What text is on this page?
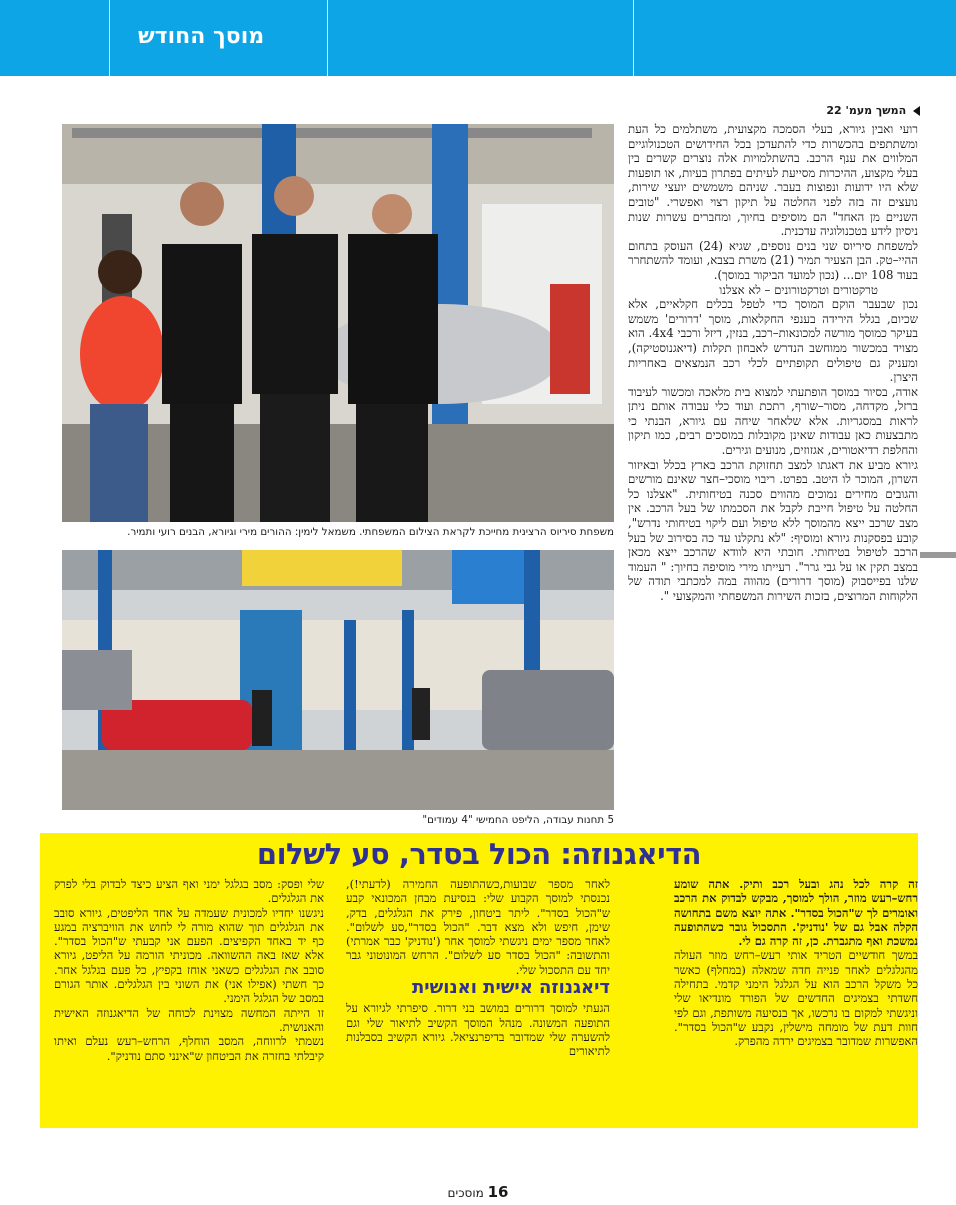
מוסך החודש
המשך מעמ' 22

רועי ואבין גיורא, בעלי הסמכה מקצועית, משתלמים כל העת ומשתתפים בהכשרות כדי להתעדכן בכל החידושים הטכנולוגיים המלווים את ענף הרכב. בהשתלמויות אלה נוצרים קשרים בין בעלי מקצוע, ההיכרות מסייעת לעיתים בפתרון בעיות, או תופעות שלא היו ידועות ונפוצות בעבר. שניהם משמשים יועצי שירות, נועצים זה בזה לפני החלטה על תיקון רצוי ואפשרי. "טובים השניים מן האחד" הם מוסיפים בחיוך, ומחברים עשרות שנות ניסיון לידע בטכנולוגיה עדכנית.

למשפחת סיריוס שני בנים נוספים, שגיא (24) העוסק בתחום ההיי–טק. הבן הצעיר תמיר (21) משרת בצבא, ועומד להשתחרר בעוד 108 יום... (נכון למועד הביקור במוסך).

טרקטורים וטרקטורונים – לא אצלנו

נכון שבעבר הוקם המוסך כדי לטפל בכלים חקלאיים, אלא שכיום, בגלל הירידה בענפי החקלאות, מוסך 'דרורים' משמש בעיקר כמוסך מורשה למכונאות–רכב, בנזין, דיזל ורכבי 4x4. הוא מצויד במכשור ממוחשב הנדרש לאבחון תקלות (דיאגנוסטיקה), ומעניק גם טיפולים תקופתיים לכלי רכב הנמצאים באחריות היצרן.

אודה, בסיור במוסך הופתעתי למצוא בית מלאכה ומכשור לעיבוד ברזל, מקדחה, מסור–שורף, רתכת ועוד כלי עבודה אותם ניתן לראות במסגריות. אלא שלאחר שיחה עם גיורא, הבנתי כי מתבצעות כאן עבודות שאינן מקובלות במוסכים רבים, כמו תיקון והחלפת רדיאטורים, אגזוזים, מנועים וגירים.

גיורא מביע את דאגתו למצב תחזוקת הרכב בארץ בכלל ובאיזור השרון, המוכר לו היטב. בפרט. ריבוי מוסכי–חצר שאינם מורשים והגובים מחירים נמוכים מהווים סכנה בטיחותית. "אצלנו כל החלטה על טיפול חייבת לקבל את הסכמתו של בעל הרכב. אין מצב שרכב ייצא מהמוסך ללא טיפול ועם ליקוי בטיחותי נדרש", קובע בפסקנות גיורא ומוסיף: "לא נתקלנו עד כה בסירוב של בעל הרכב לטיפול בטיחותי. חובתי היא לוודא שהרכב ייצא מכאן במצב תקין או על גבי גרר". רעייתו מירי מוסיפה בחיוך: " העמוד שלנו בפייסבוק (מוסך דרורים) מהווה במה למכתבי תודה של הלקוחות המרוצים, בזכות השירות המשפחתי והמקצועי ".

משפחת סיריוס הרצינית מחייכת לקראת הצילום המשפחתי. משמאל לימין: ההורים מירי וגיורא, הבנים רועי ותמיר.
5 תחנות עבודה, הליפט החמישי "4 עמודים"
הדיאגנוזה: הכול בסדר, סע לשלום

זה קרה לכל נהג ובעל רכב ותיק. אתה שומע רחש–רעש מוזר, הולך למוסך, מבקש לבדוק את הרכב ואומרים לך ש"הכול בסדר". אתה יוצא משם בתחושה הקלה אבל גם של 'נודניק'. התסכול גובר כשהתופעה נמשכת ואף מתגברת. כן, זה קרה גם לי.

במשך חודשיים הטריד אותי רעש–רחש מוזר העולה מהגלגלים לאחר פנייה חדה שמאלה (במחלף) כאשר כל משקל הרכב הוא על הגלגל הימני קדמי. בתחילה חשדתי בצמיגים החדשים של הפורד מונדיאו שלי וניגשתי למקום בו נרכשו, אך בנסיעה משותפת, וגם לפי חוות דעת של מומחה מישלין, נקבע ש"הכול בסדר". האפשרות שמדובר בצמיגים ירדה מהפרק.

לאחר מספר שבועות,כשהתופעה החמירה (לדעתי!), נכנסתי למוסך הקבוע שלי: בנסיעת מבחן המכונאי קבע ש"הכול בסדר". ליתר ביטחון, פירק את הגלגלים, בדק, שימן, חיפש ולא מצא דבר. "הכול בסדר",סע לשלום". לאחר מספר ימים ניגשתי למוסך אחר ('נודניק' כבר אמרתי) והתשובה: "הכול בסדר סע לשלום". הרחש המונוטוני גבר יחד עם התסכול שלי.

דיאגנוזה אישית ואנושית

הגעתי למוסך דרורים במושב בני דרור. סיפרתי לגיורא על התופעה המשונה. מנהל המוסך הקשיב לתיאור שלי וגם להשערה שלי שמדובר בדיפרנציאל. גיורא הקשיב בסבלנות לתיאורים

שלי ופסק: מסב בגלגל ימני ואף הציע כיצד לבדוק בלי לפרק את הגלגלים.

ניגשנו יחדיו למכונית שעמדה על אחד הליפטים, גיורא סובב את הגלגלים תוך שהוא מורה לי לחוש את הוויברציה במגע כף יד באחד הקפיצים. הפעם אני קבעתי ש"הכול בסדר". אלא שאז באה ההשוואה. מכוניתי הורמה על הליפט, גיורא סובב את הגלגלים כשאני אוחז בקפיץ, כל פעם בגלגל אחר. כך חשתי (אפילו אני) את השוני בין הגלגלים. אותר הגורם במסב של הגלגל הימני.

זו הייתה המחשה מצוינת לכוחה של הדיאגנוזה האישית והאנושית.

נשמתי לרווחה, המסב הוחלף, הרחש–רעש נעלם ואיתו קיבלתי בחזרה את הביטחון ש"אינני סתם נודניק".

16 מוסכים
